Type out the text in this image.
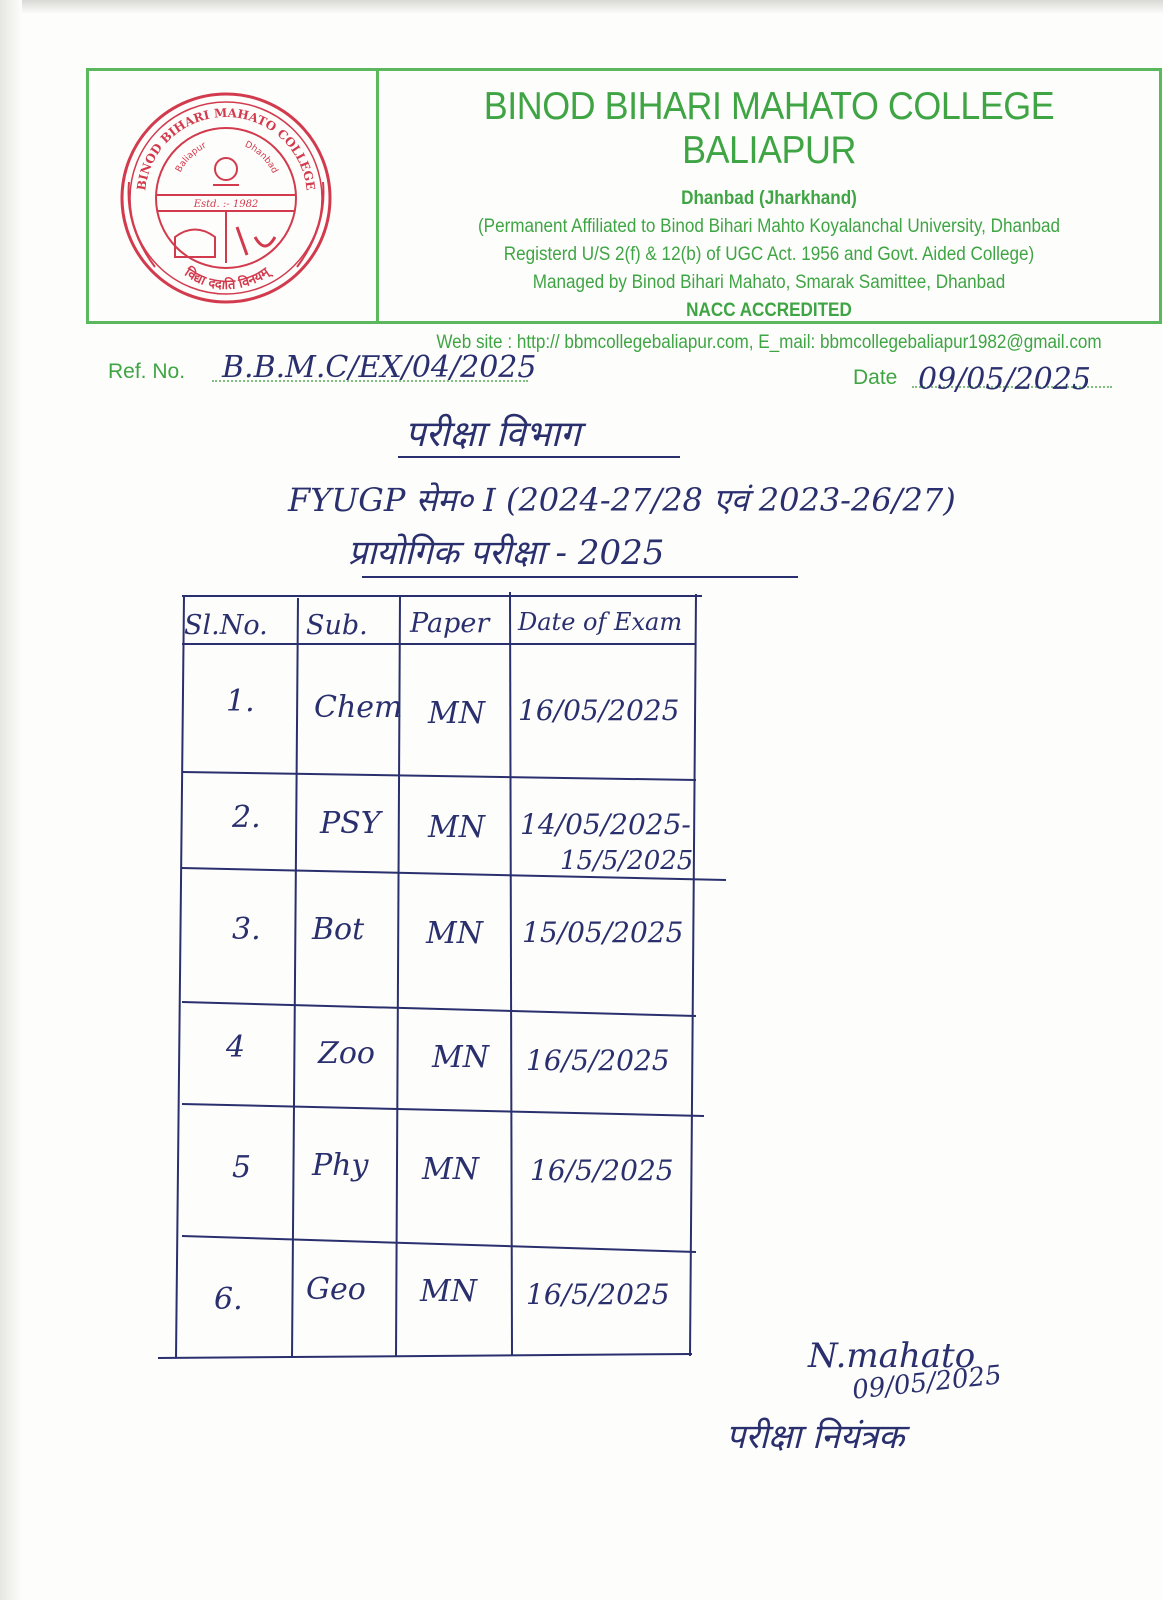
BINOD BIHARI MAHATO COLLEGE
Baliapur	Dhanbad
Estd. :- 1982
विद्या ददाति विनयम्
BINOD BIHARI MAHATO COLLEGE BALIAPUR
Dhanbad (Jharkhand)
(Permanent Affiliated to Binod Bihari Mahto Koyalanchal University, Dhanbad
Registerd U/S 2(f) & 12(b) of UGC Act. 1956 and Govt. Aided College)
Managed by Binod Bihari Mahato, Smarak Samittee, Dhanbad
NACC ACCREDITED
Web site : http:// bbmcollegebaliapur.com, E_mail: bbmcollegebaliapur1982@gmail.com
Ref. No. B.B.M.C/EX/04/2025	Date 09/05/2025
परीक्षा विभाग
FYUGP सेम० I (2024-27/28 एवं 2023-26/27)
प्रायोगिक परीक्षा - 2025
Sl.No. Sub. Paper Date of Exam
1. Chem MN 16/05/2025
2. PSY MN 14/05/2025-
15/5/2025
3. Bot MN 15/05/2025
4 Zoo MN 16/5/2025
5 Phy MN 16/5/2025
6. Geo MN 16/5/2025
N.mahato
09/05/2025
परीक्षा नियंत्रक
